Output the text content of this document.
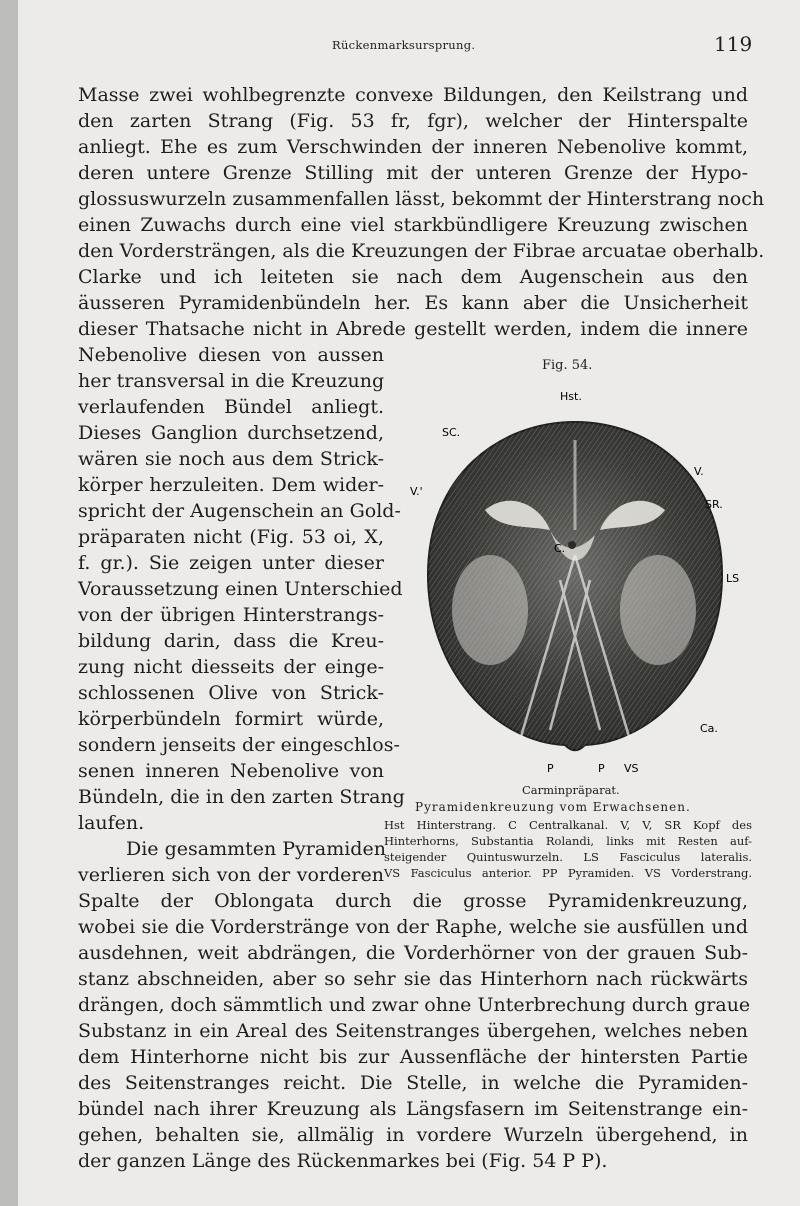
Rückenmarksursprung.	119

Masse zwei wohlbegrenzte convexe Bildungen, den Keilstrang und

den zarten Strang (Fig. 53 fr, fgr), welcher der Hinterspalte

anliegt. Ehe es zum Verschwinden der inneren Nebenolive kommt,

deren untere Grenze Stilling mit der unteren Grenze der Hypo-

glossuswurzeln zusammenfallen lässt, bekommt der Hinterstrang noch

einen Zuwachs durch eine viel starkbündligere Kreuzung zwischen

den Vordersträngen, als die Kreuzungen der Fibrae arcuatae oberhalb.

Clarke und ich leiteten sie nach dem Augenschein aus den

äusseren Pyramidenbündeln her. Es kann aber die Unsicherheit

dieser Thatsache nicht in Abrede gestellt werden, indem die innere

Nebenolive diesen von aussen

her transversal in die Kreuzung

verlaufenden Bündel anliegt.

Dieses Ganglion durchsetzend,

wären sie noch aus dem Strick-

körper herzuleiten. Dem wider-

spricht der Augenschein an Gold-

präparaten nicht (Fig. 53 oi, X,

f. gr.). Sie zeigen unter dieser

Voraussetzung einen Unterschied

von der übrigen Hinterstrangs-

bildung darin, dass die Kreu-

zung nicht diesseits der einge-

schlossenen Olive von Strick-

körperbündeln formirt würde,

sondern jenseits der eingeschlos-

senen inneren Nebenolive von

Bündeln, die in den zarten Strang

laufen.

Die gesammten Pyramiden

verlieren sich von der vorderen

Spalte der Oblongata durch die grosse Pyramidenkreuzung,

wobei sie die Vorderstränge von der Raphe, welche sie ausfüllen und

ausdehnen, weit abdrängen, die Vorderhörner von der grauen Sub-

stanz abschneiden, aber so sehr sie das Hinterhorn nach rückwärts

drängen, doch sämmtlich und zwar ohne Unterbrechung durch graue

Substanz in ein Areal des Seitenstranges übergehen, welches neben

dem Hinterhorne nicht bis zur Aussenfläche der hintersten Partie

des Seitenstranges reicht. Die Stelle, in welche die Pyramiden-

bündel nach ihrer Kreuzung als Längsfasern im Seitenstrange ein-

gehen, behalten sie, allmälig in vordere Wurzeln übergehend, in

der ganzen Länge des Rückenmarkes bei (Fig. 54 P P).

Fig. 54.
Hst.
SC.
V.'
V.
SR.
C.
LS
Ca.
P	P VS
Carminpräparat.
Pyramidenkreuzung vom Erwachsenen.

Hst Hinterstrang. C Centralkanal. V, V, SR Kopf des

Hinterhorns, Substantia Rolandi, links mit Resten auf-

steigender Quintuswurzeln. LS Fasciculus lateralis.

VS Fasciculus anterior. PP Pyramiden. VS Vorderstrang.
